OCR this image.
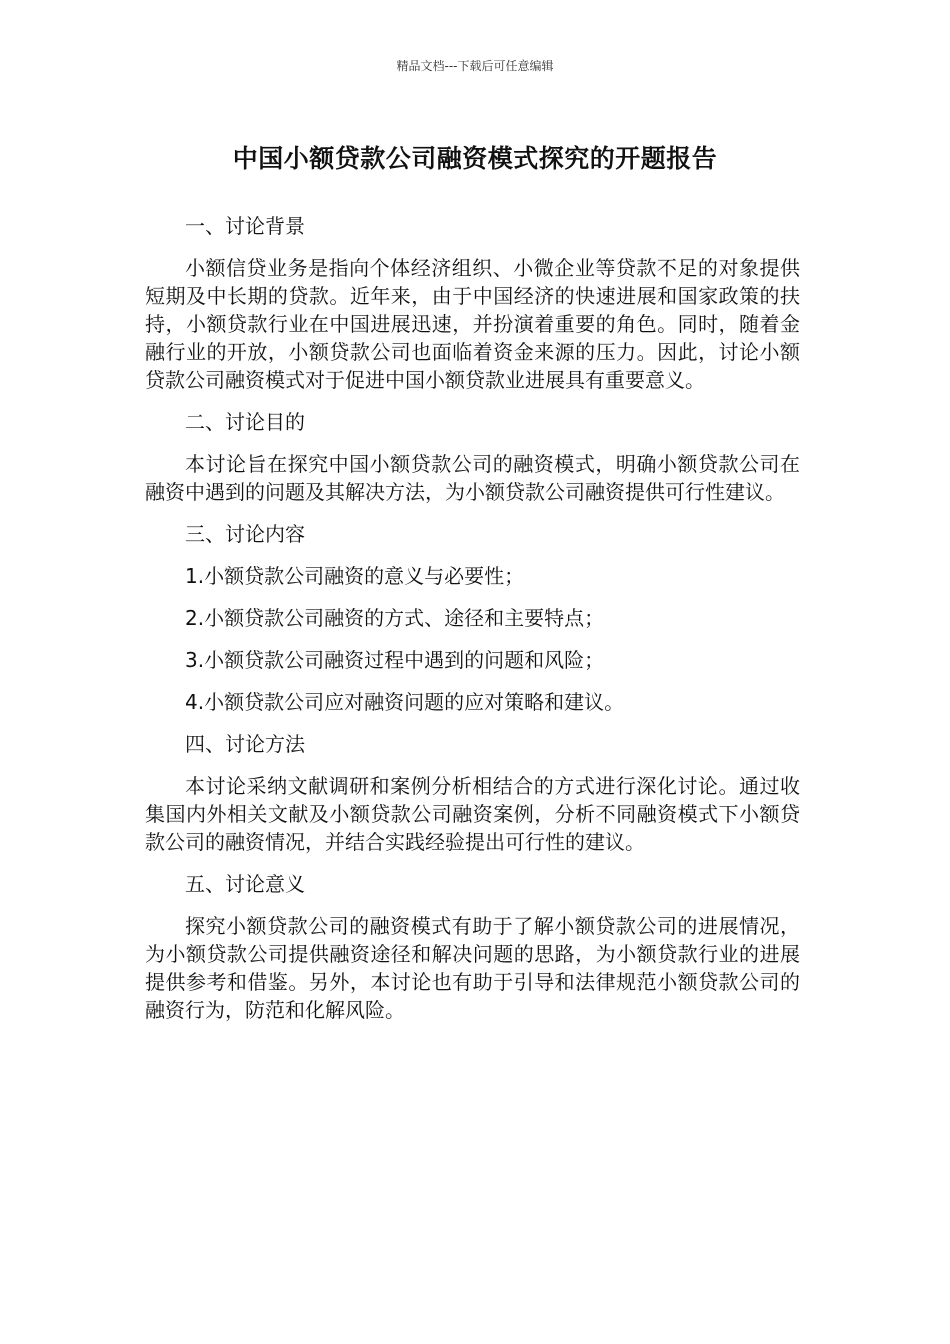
精品文档---下载后可任意编辑
中国小额贷款公司融资模式探究的开题报告

一、讨论背景

小额信贷业务是指向个体经济组织、小微企业等贷款不足的对象提供短期及中长期的贷款。近年来，由于中国经济的快速进展和国家政策的扶持，小额贷款行业在中国进展迅速，并扮演着重要的角色。同时，随着金融行业的开放，小额贷款公司也面临着资金来源的压力。因此，讨论小额贷款公司融资模式对于促进中国小额贷款业进展具有重要意义。

二、讨论目的

本讨论旨在探究中国小额贷款公司的融资模式，明确小额贷款公司在融资中遇到的问题及其解决方法，为小额贷款公司融资提供可行性建议。

三、讨论内容

1.小额贷款公司融资的意义与必要性；

2.小额贷款公司融资的方式、途径和主要特点；

3.小额贷款公司融资过程中遇到的问题和风险；

4.小额贷款公司应对融资问题的应对策略和建议。

四、讨论方法

本讨论采纳文献调研和案例分析相结合的方式进行深化讨论。通过收集国内外相关文献及小额贷款公司融资案例，分析不同融资模式下小额贷款公司的融资情况，并结合实践经验提出可行性的建议。

五、讨论意义

探究小额贷款公司的融资模式有助于了解小额贷款公司的进展情况，为小额贷款公司提供融资途径和解决问题的思路，为小额贷款行业的进展提供参考和借鉴。另外，本讨论也有助于引导和法律规范小额贷款公司的融资行为，防范和化解风险。
